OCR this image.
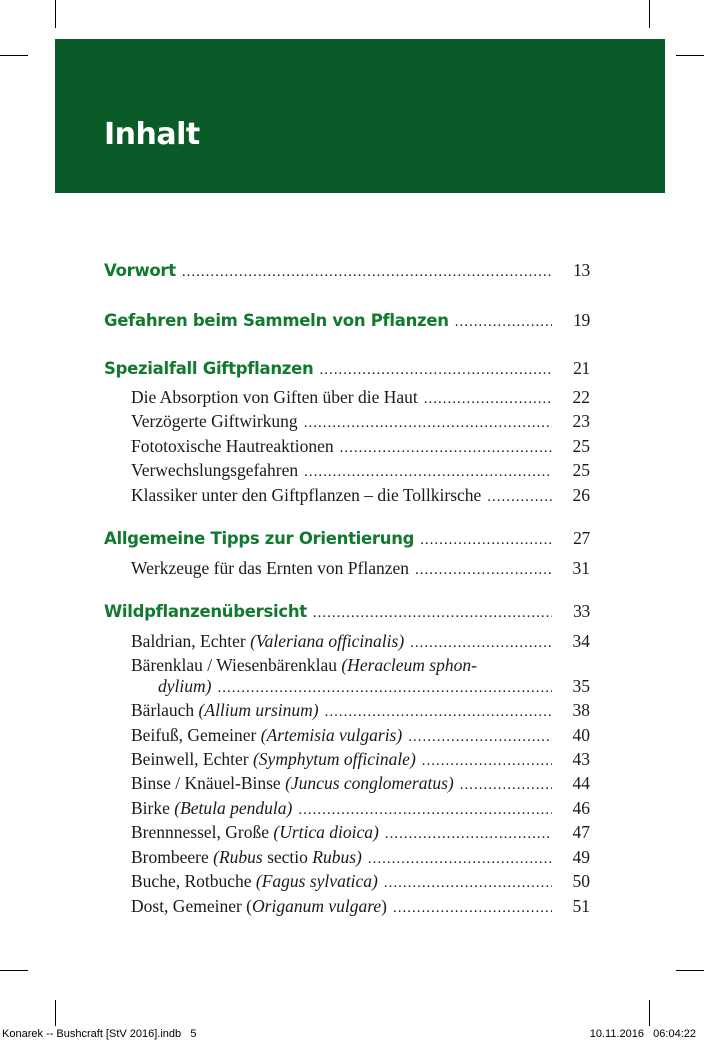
Inhalt
Vorwort .....	13
Gefahren beim Sammeln von Pflanzen .....	19
Spezialfall Giftpflanzen .....	21
Die Absorption von Giften über die Haut .....	22
Verzögerte Giftwirkung .....	23
Fototoxische Hautreaktionen .....	25
Verwechslungsgefahren .....	25
Klassiker unter den Giftpflanzen – die Tollkirsche .....	26
Allgemeine Tipps zur Orientierung .....	27
Werkzeuge für das Ernten von Pflanzen .....	31
Wildpflanzenübersicht .....	33
Baldrian, Echter (Valeriana officinalis) .....	34
Bärenklau / Wiesenbärenklau (Heracleum sphon-
dylium) .....	35
Bärlauch (Allium ursinum) .....	38
Beifuß, Gemeiner (Artemisia vulgaris) .....	40
Beinwell, Echter (Symphytum officinale) .....	43
Binse / Knäuel-Binse (Juncus conglomeratus) .....	44
Birke (Betula pendula) .....	46
Brennnessel, Große (Urtica dioica) .....	47
Brombeere (Rubus sectio Rubus) .....	49
Buche, Rotbuche (Fagus sylvatica) .....	50
Dost, Gemeiner (Origanum vulgare) .....	51
Konarek -- Bushcraft [StV 2016].indb   5	10.11.2016   06:04:22
